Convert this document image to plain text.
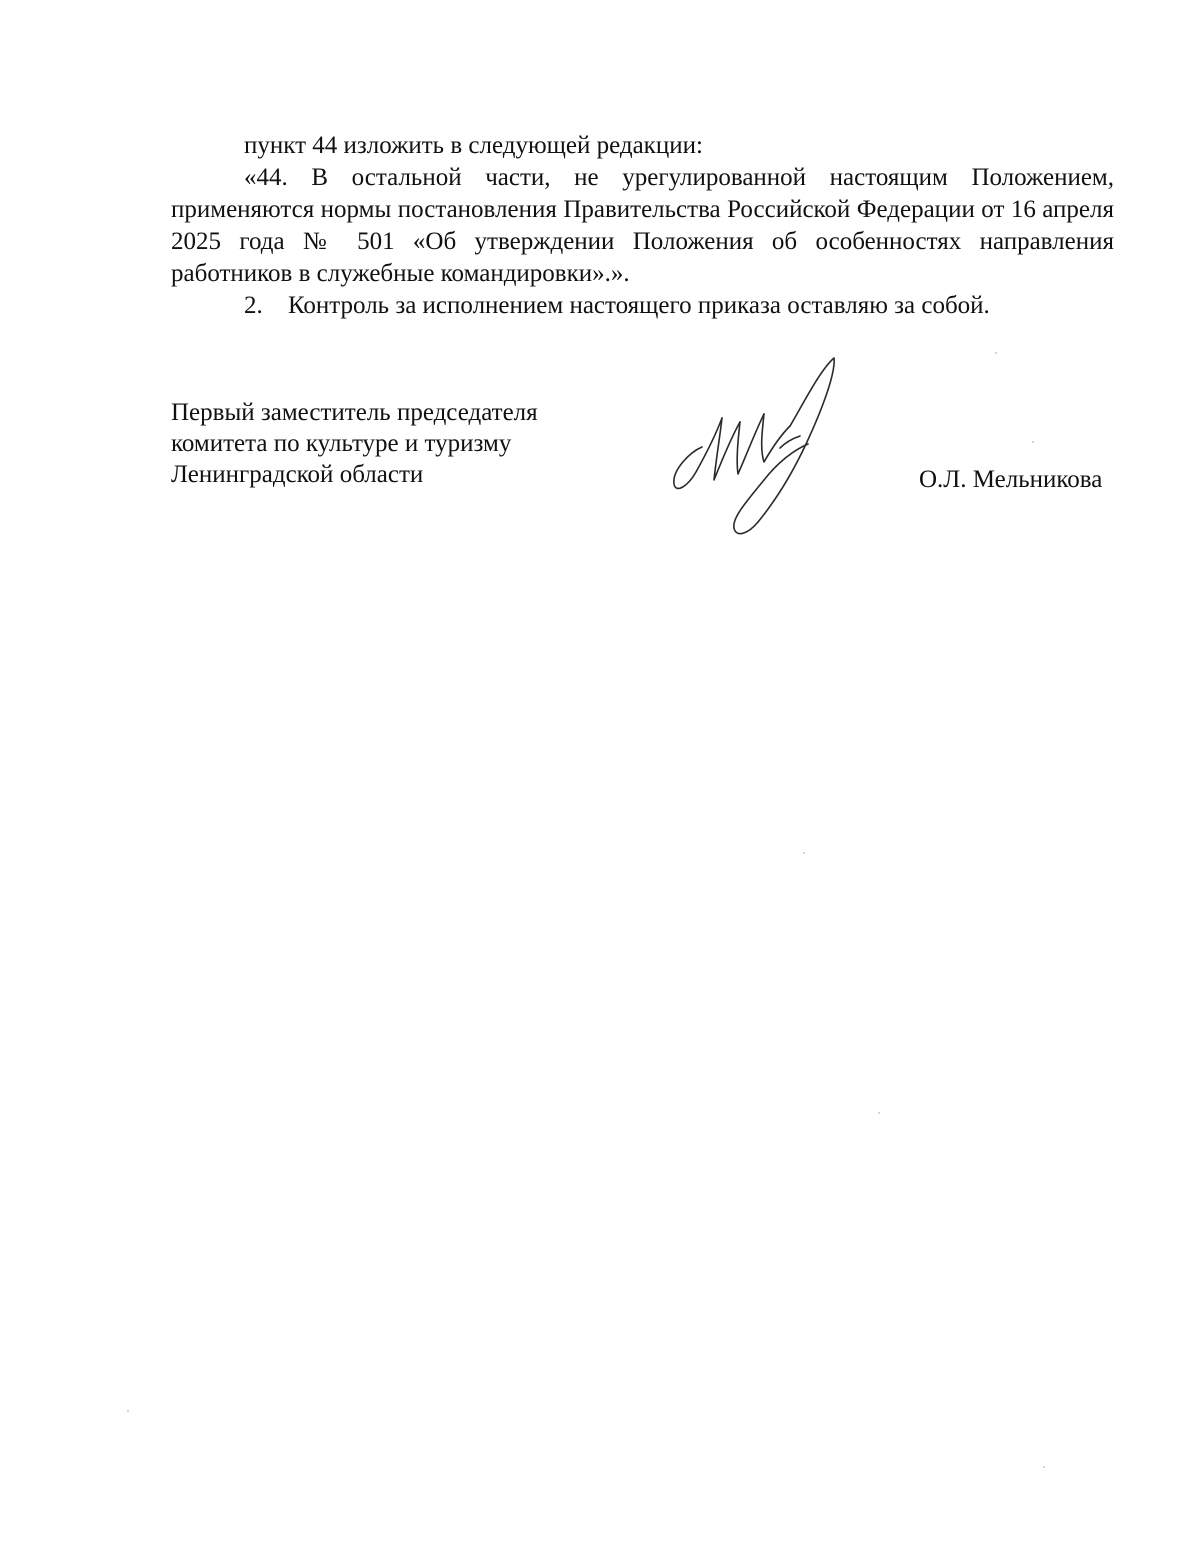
пункт 44 изложить в следующей редакции:

«44. В остальной части, не урегулированной настоящим Положением, применяются нормы постановления Правительства Российской Федерации от 16 апреля 2025 года № 501 «Об утверждении Положения об особенностях направления работников в служебные командировки».».

2. Контроль за исполнением настоящего приказа оставляю за собой.

Первый заместитель председателя
комитета по культуре и туризму
Ленинградской области	О.Л. Мельникова
